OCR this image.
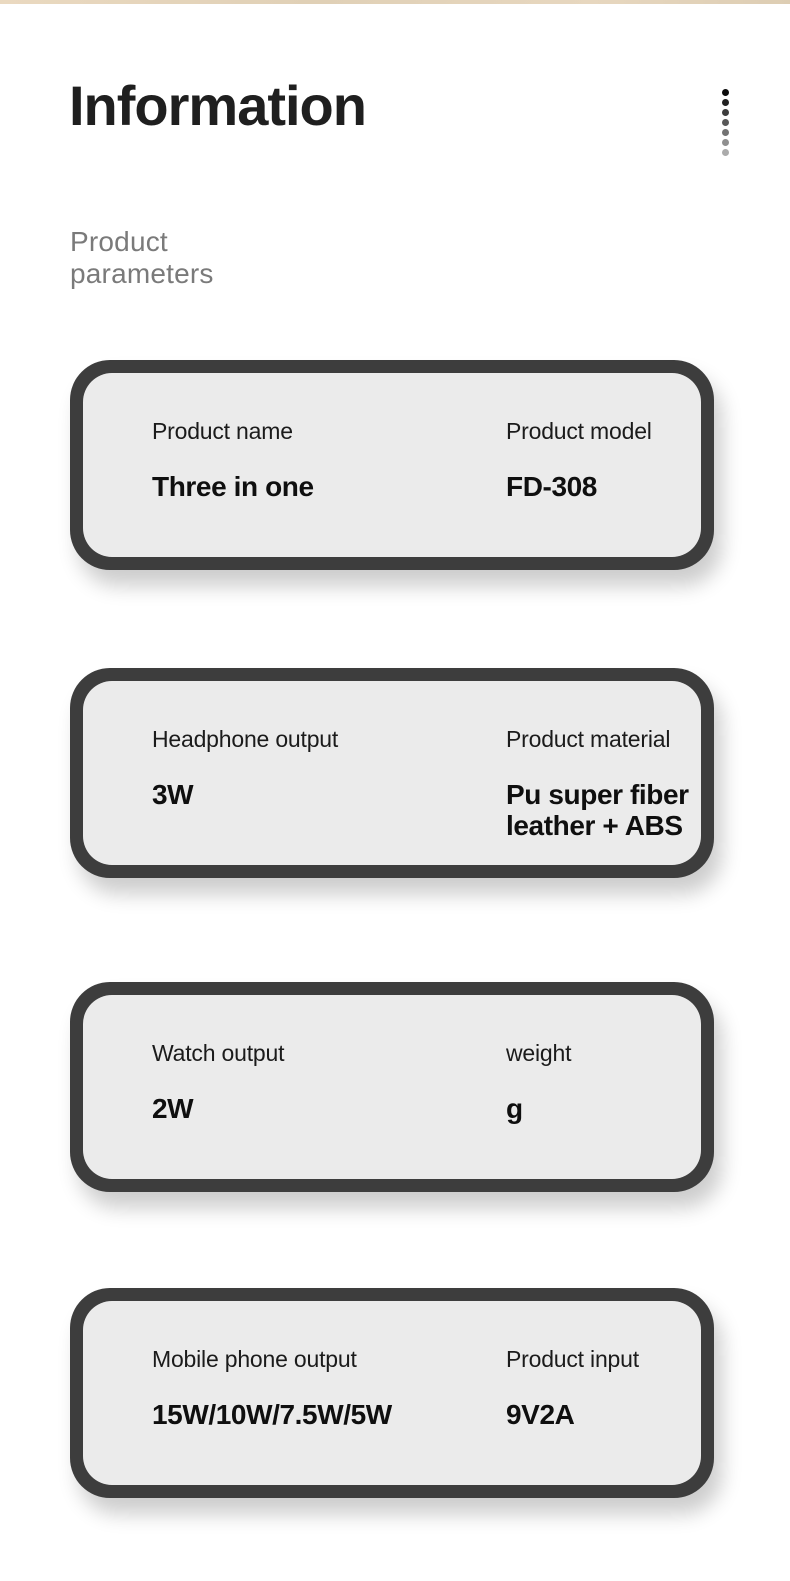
Information
Product parameters
Product name
Three in one
Product model
FD-308
Headphone output
3W
Product material
Pu super fiber leather + ABS
Watch output
2W
weight
g
Mobile phone output
15W/10W/7.5W/5W
Product input
9V2A
